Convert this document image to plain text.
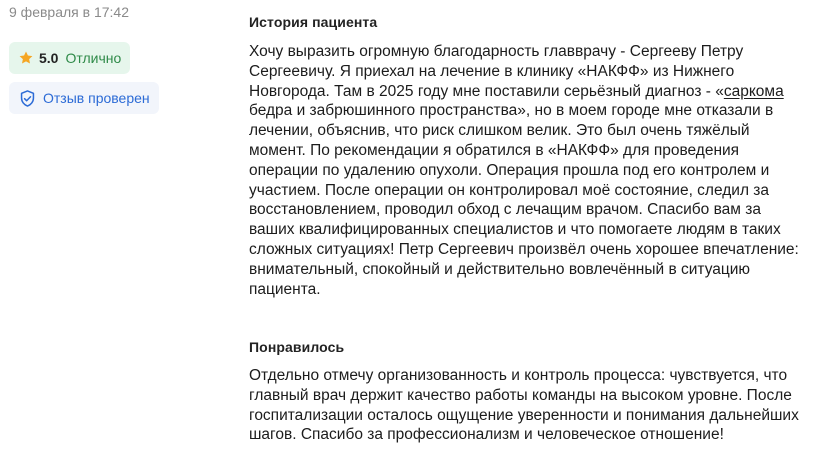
9 февраля в 17:42
5.0 Отлично
Отзыв проверен
История пациента

Хочу выразить огромную благодарность главврачу - Сергееву Петру Сергеевичу. Я приехал на лечение в клинику «НАКФФ» из Нижнего Новгорода. Там в 2025 году мне поставили серьёзный диагноз - «саркома бедра и забрюшинного пространства», но в моем городе мне отказали в лечении, объяснив, что риск слишком велик. Это был очень тяжёлый момент. По рекомендации я обратился в «НАКФФ» для проведения операции по удалению опухоли. Операция прошла под его контролем и участием. После операции он контролировал моё состояние, следил за восстановлением, проводил обход с лечащим врачом. Спасибо вам за ваших квалифицированных специалистов и что помогаете людям в таких сложных ситуациях! Петр Сергеевич произвёл очень хорошее впечатление: внимательный, спокойный и действительно вовлечённый в ситуацию пациента.

Понравилось

Отдельно отмечу организованность и контроль процесса: чувствуется, что главный врач держит качество работы команды на высоком уровне. После госпитализации осталось ощущение уверенности и понимания дальнейших шагов. Спасибо за профессионализм и человеческое отношение!
